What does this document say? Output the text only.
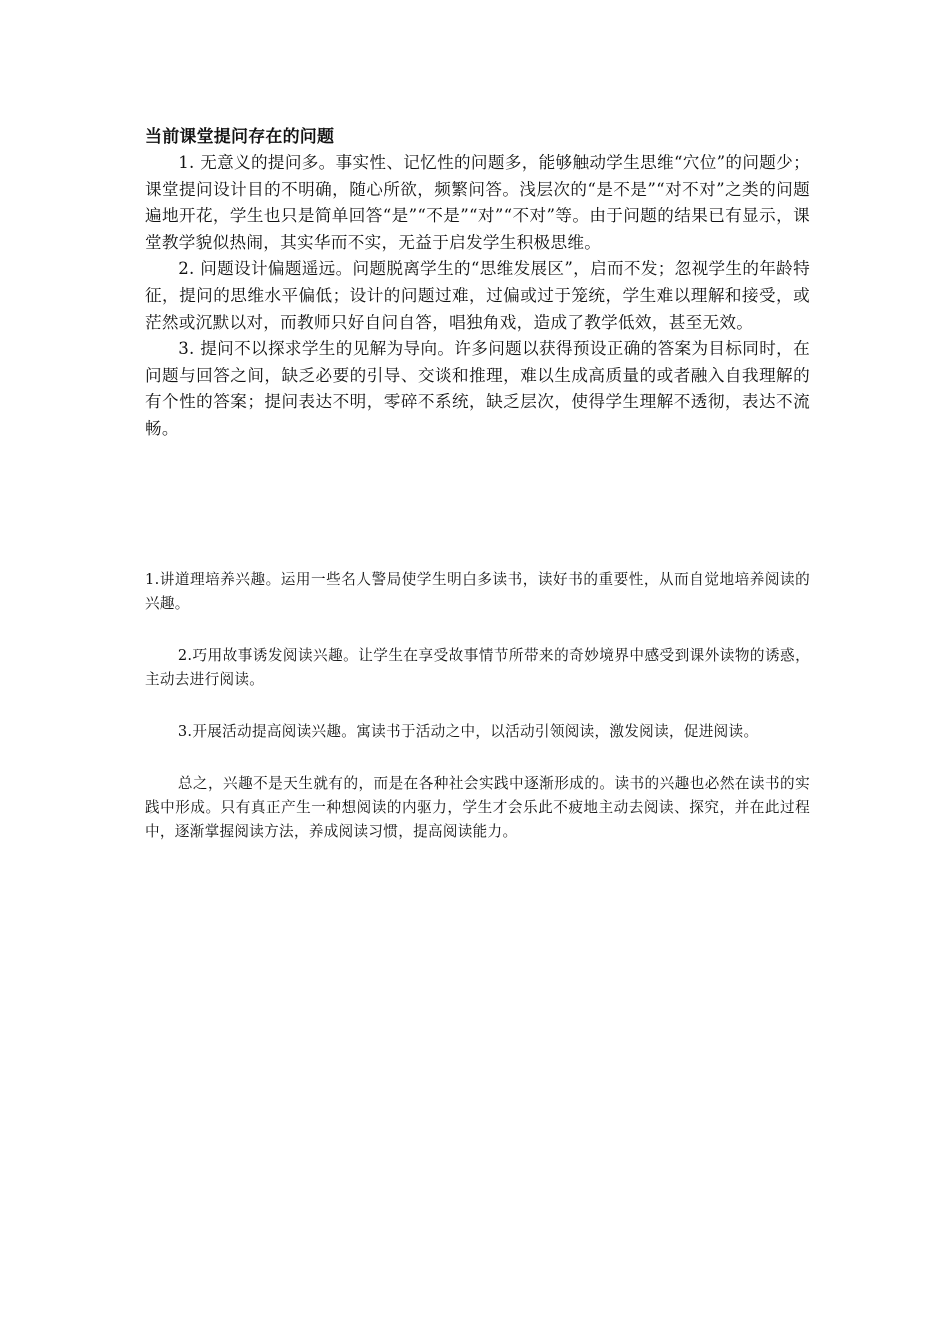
当前课堂提问存在的问题

1. 无意义的提问多。事实性、记忆性的问题多，能够触动学生思维“穴位”的问题少；课堂提问设计目的不明确，随心所欲，频繁问答。浅层次的“是不是”“对不对”之类的问题遍地开花，学生也只是简单回答“是”“不是”“对”“不对”等。由于问题的结果已有显示，课堂教学貌似热闹，其实华而不实，无益于启发学生积极思维。

2. 问题设计偏题遥远。问题脱离学生的“思维发展区”，启而不发；忽视学生的年龄特征，提问的思维水平偏低；设计的问题过难，过偏或过于笼统，学生难以理解和接受，或茫然或沉默以对，而教师只好自问自答，唱独角戏，造成了教学低效，甚至无效。

3. 提问不以探求学生的见解为导向。许多问题以获得预设正确的答案为目标同时，在问题与回答之间，缺乏必要的引导、交谈和推理，难以生成高质量的或者融入自我理解的有个性的答案；提问表达不明，零碎不系统，缺乏层次，使得学生理解不透彻，表达不流畅。

1.讲道理培养兴趣。运用一些名人警局使学生明白多读书，读好书的重要性，从而自觉地培养阅读的兴趣。

2.巧用故事诱发阅读兴趣。让学生在享受故事情节所带来的奇妙境界中感受到课外读物的诱惑，主动去进行阅读。

3.开展活动提高阅读兴趣。寓读书于活动之中，以活动引领阅读，激发阅读，促进阅读。

总之，兴趣不是天生就有的，而是在各种社会实践中逐渐形成的。读书的兴趣也必然在读书的实践中形成。只有真正产生一种想阅读的内驱力，学生才会乐此不疲地主动去阅读、探究，并在此过程中，逐渐掌握阅读方法，养成阅读习惯，提高阅读能力。
